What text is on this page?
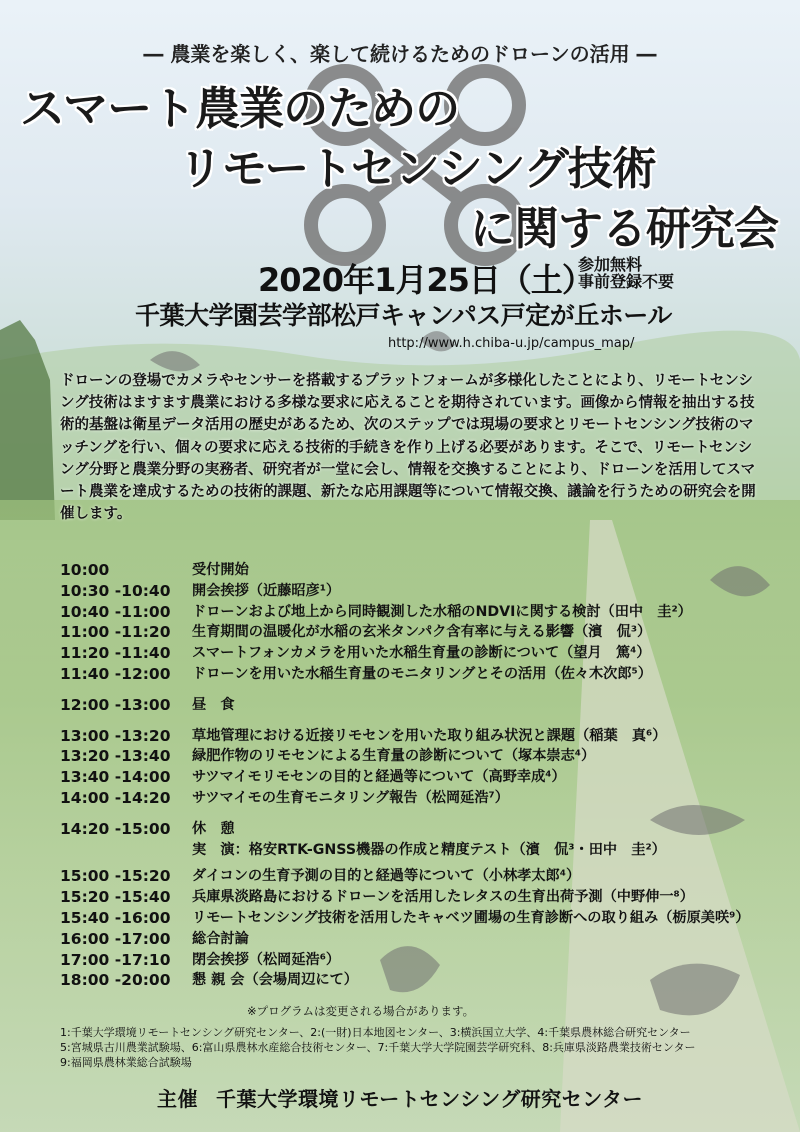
― 農業を楽しく、楽して続けるためのドローンの活用 ―
スマート農業のための
リモートセンシング技術
に関する研究会
2020年1月25日（土）
参加無料
事前登録不要
千葉大学園芸学部松戸キャンパス戸定が丘ホール
http://www.h.chiba-u.jp/campus_map/
ドローンの登場でカメラやセンサーを搭載するプラットフォームが多様化したことにより、リモートセンシング技術はますます農業における多様な要求に応えることを期待されています。画像から情報を抽出する技術的基盤は衛星データ活用の歴史があるため、次のステップでは現場の要求とリモートセンシング技術のマッチングを行い、個々の要求に応える技術的手続きを作り上げる必要があります。そこで、リモートセンシング分野と農業分野の実務者、研究者が一堂に会し、情報を交換することにより、ドローンを活用してスマート農業を達成するための技術的課題、新たな応用課題等について情報交換、議論を行うための研究会を開催します。
10:00	受付開始
10:30 -10:40	開会挨拶（近藤昭彦¹）
10:40 -11:00	ドローンおよび地上から同時観測した水稲のNDVIに関する検討（田中　圭²）
11:00 -11:20	生育期間の温暖化が水稲の玄米タンパク含有率に与える影響（濱　侃³）
11:20 -11:40	スマートフォンカメラを用いた水稲生育量の診断について（望月　篤⁴）
11:40 -12:00	ドローンを用いた水稲生育量のモニタリングとその活用（佐々木次郎⁵）
12:00 -13:00	昼　食
13:00 -13:20	草地管理における近接リモセンを用いた取り組み状況と課題（稲葉　真⁶）
13:20 -13:40	緑肥作物のリモセンによる生育量の診断について（塚本崇志⁴）
13:40 -14:00	サツマイモリモセンの目的と経過等について（高野幸成⁴）
14:00 -14:20	サツマイモの生育モニタリング報告（松岡延浩⁷）
14:20 -15:00	休　憩
実　演：格安RTK-GNSS機器の作成と精度テスト（濱　侃³・田中　圭²）
15:00 -15:20	ダイコンの生育予測の目的と経過等について（小林孝太郎⁴）
15:20 -15:40	兵庫県淡路島におけるドローンを活用したレタスの生育出荷予測（中野伸一⁸）
15:40 -16:00	リモートセンシング技術を活用したキャベツ圃場の生育診断への取り組み（栃原美咲⁹）
16:00 -17:00	総合討論
17:00 -17:10	閉会挨拶（松岡延浩⁶）
18:00 -20:00	懇 親 会（会場周辺にて）
※プログラムは変更される場合があります。
1:千葉大学環境リモートセンシング研究センター、2:(一財)日本地図センター、3:横浜国立大学、4:千葉県農林総合研究センター
5:宮城県古川農業試験場、6:富山県農林水産総合技術センター、7:千葉大学大学院園芸学研究科、8:兵庫県淡路農業技術センター
9:福岡県農林業総合試験場
主催 千葉大学環境リモートセンシング研究センター
